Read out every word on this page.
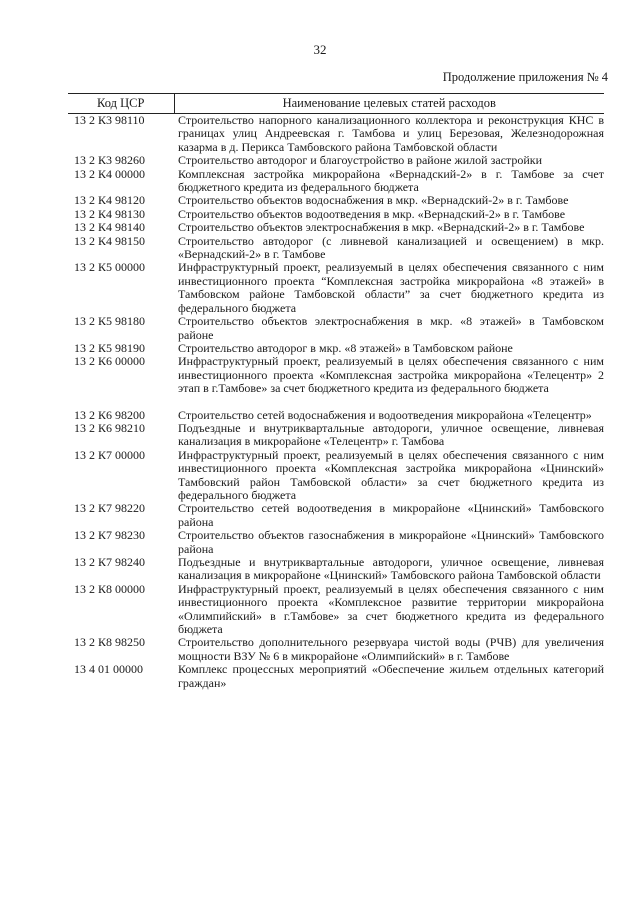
32
Продолжение приложения № 4
Код ЦСР	Наименование целевых статей расходов
13 2 К3 98110	Строительство напорного канализационного коллектора и реконструкция КНС в границах улиц Андреевская г. Тамбова и улиц Березовая, Железнодорожная казарма в д. Перикса Тамбовского района Тамбовской области
13 2 К3 98260	Строительство автодорог и благоустройство в районе жилой застройки
13 2 К4 00000	Комплексная застройка микрорайона «Вернадский-2» в г. Тамбове за счет бюджетного кредита из федерального бюджета
13 2 К4 98120	Строительство объектов водоснабжения в мкр. «Вернадский-2» в г. Тамбове
13 2 К4 98130	Строительство объектов водоотведения в мкр. «Вернадский-2» в г. Тамбове
13 2 К4 98140	Строительство объектов электроснабжения в мкр. «Вернадский-2» в г. Тамбове
13 2 К4 98150	Строительство автодорог (с ливневой канализацией и освещением) в мкр. «Вернадский-2» в г. Тамбове
13 2 К5 00000	Инфраструктурный проект, реализуемый в целях обеспечения связанного с ним инвестиционного проекта “Комплексная застройка микрорайона «8 этажей» в Тамбовском районе Тамбовской области” за счет бюджетного кредита из федерального бюджета
13 2 К5 98180	Строительство объектов электроснабжения в мкр. «8 этажей» в Тамбовском районе
13 2 К5 98190	Строительство автодорог в мкр. «8 этажей» в Тамбовском районе
13 2 К6 00000	Инфраструктурный проект, реализуемый в целях обеспечения связанного с ним инвестиционного проекта «Комплексная застройка микрорайона «Телецентр» 2 этап в г.Тамбове» за счет бюджетного кредита из федерального бюджета
13 2 К6 98200	Строительство сетей водоснабжения и водоотведения микрорайона «Телецентр»
13 2 К6 98210	Подъездные и внутриквартальные автодороги, уличное освещение, ливневая канализация в микрорайоне «Телецентр» г. Тамбова
13 2 К7 00000	Инфраструктурный проект, реализуемый в целях обеспечения связанного с ним инвестиционного проекта «Комплексная застройка микрорайона «Цнинский» Тамбовский район Тамбовской области» за счет бюджетного кредита из федерального бюджета
13 2 К7 98220	Строительство сетей водоотведения в микрорайоне «Цнинский» Тамбовского района
13 2 К7 98230	Строительство объектов газоснабжения в микрорайоне «Цнинский» Тамбовского района
13 2 К7 98240	Подъездные и внутриквартальные автодороги, уличное освещение, ливневая канализация в микрорайоне «Цнинский» Тамбовского района Тамбовской области
13 2 К8 00000	Инфраструктурный проект, реализуемый в целях обеспечения связанного с ним инвестиционного проекта «Комплексное развитие территории микрорайона «Олимпийский» в г.Тамбове» за счет бюджетного кредита из федерального бюджета
13 2 К8 98250	Строительство дополнительного резервуара чистой воды (РЧВ) для увеличения мощности ВЗУ № 6 в микрорайоне «Олимпийский» в г. Тамбове
13 4 01 00000	Комплекс процессных мероприятий «Обеспечение жильем отдельных категорий граждан»
